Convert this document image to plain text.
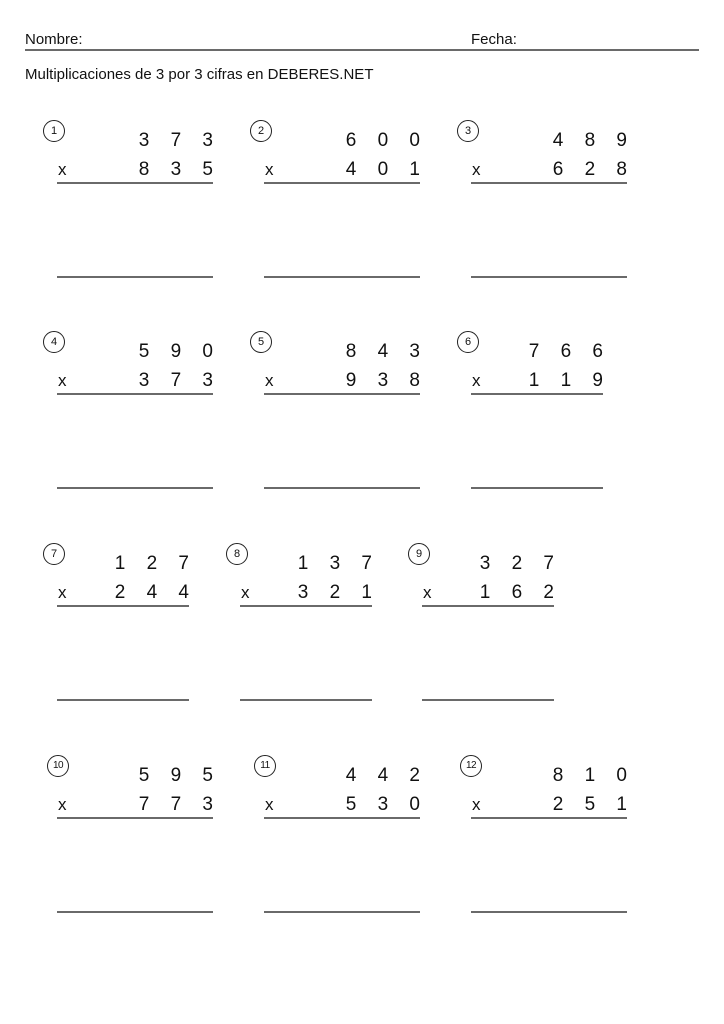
Nombre:	Fecha:
Multiplicaciones de 3 por 3 cifras en DEBERES.NET
1	3 7 3
x	8 3 5
2	6 0 0
x	4 0 1
3	4 8 9
x	6 2 8
4	5 9 0
x	3 7 3
5	8 4 3
x	9 3 8
6	7 6 6
x	1 1 9
7	1 2 7
x	2 4 4
8	1 3 7
x	3 2 1
9	3 2 7
x	1 6 2
10	5 9 5
x	7 7 3
11	4 4 2
x	5 3 0
12	8 1 0
x	2 5 1
